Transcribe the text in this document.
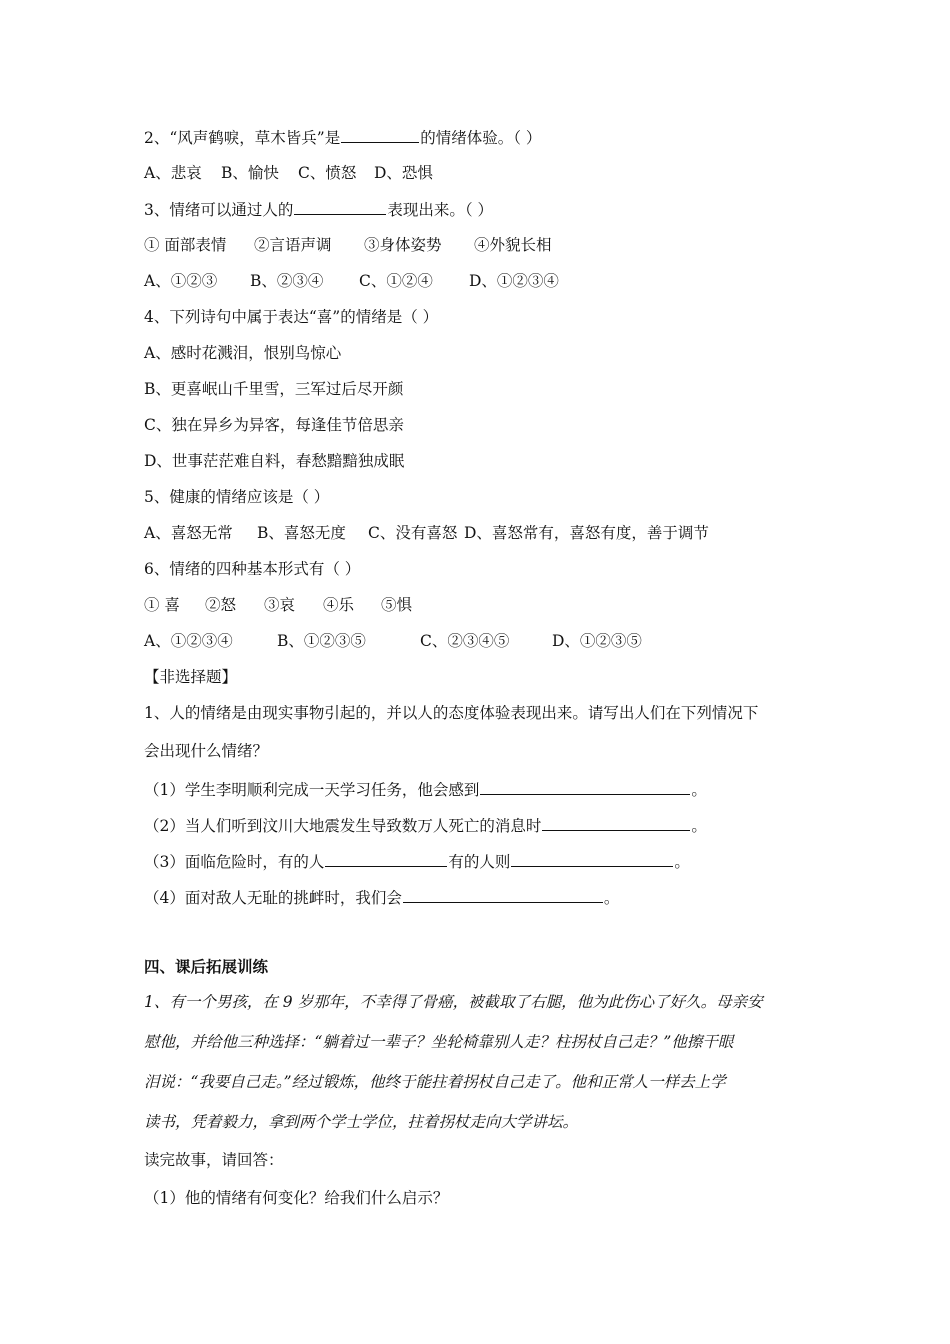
2、“风声鹤唳，草木皆兵”是	的情绪体验。（ ）
A、悲哀 B、愉快 C、愤怒 D、恐惧
3、情绪可以通过人的	表现出来。（ ）
① 面部表情 ②言语声调 ③身体姿势 ④外貌长相
A、①②③ B、②③④ C、①②④ D、①②③④
4、下列诗句中属于表达“喜”的情绪是（ ）
A、感时花溅泪，恨别鸟惊心
B、更喜岷山千里雪，三军过后尽开颜
C、独在异乡为异客，每逢佳节倍思亲
D、世事茫茫难自料，春愁黯黯独成眠
5、健康的情绪应该是（ ）
A、喜怒无常 B、喜怒无度 C、没有喜怒 D、喜怒常有，喜怒有度，善于调节
6、情绪的四种基本形式有（ ）
① 喜 ②怒 ③哀 ④乐 ⑤惧
A、①②③④	B、①②③⑤	C、②③④⑤	D、①②③⑤
【非选择题】
1、人的情绪是由现实事物引起的，并以人的态度体验表现出来。请写出人们在下列情况下
会出现什么情绪？
（1）学生李明顺利完成一天学习任务，他会感到	。
（2）当人们听到汶川大地震发生导致数万人死亡的消息时	。
（3）面临危险时，有的人	有的人则	。
（4）面对敌人无耻的挑衅时，我们会	。
四、课后拓展训练
1、有一个男孩，在 9 岁那年，不幸得了骨癌，被截取了右腿，他为此伤心了好久。母亲安
慰他，并给他三种选择：“躺着过一辈子？坐轮椅靠别人走？柱拐杖自己走？”他擦干眼
泪说：“我要自己走。”经过锻炼，他终于能拄着拐杖自己走了。他和正常人一样去上学
读书，凭着毅力，拿到两个学士学位，拄着拐杖走向大学讲坛。
读完故事，请回答：
（1）他的情绪有何变化？给我们什么启示？
